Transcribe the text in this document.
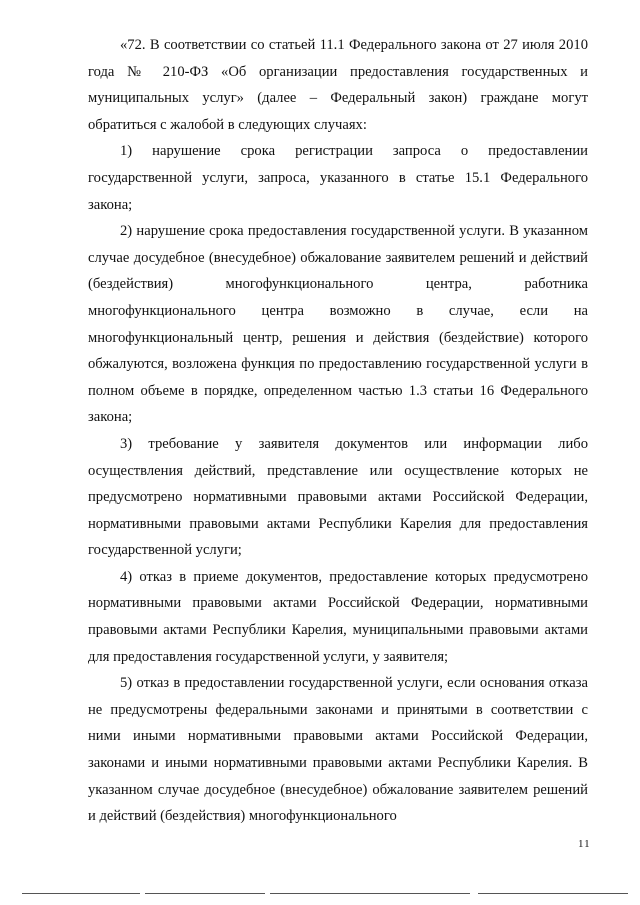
«72. В соответствии со статьей 11.1 Федерального закона от 27 июля 2010 года № 210-ФЗ «Об организации предоставления государственных и муниципальных услуг» (далее – Федеральный закон) граждане могут обратиться с жалобой в следующих случаях:

1) нарушение срока регистрации запроса о предоставлении государственной услуги, запроса, указанного в статье 15.1 Федерального закона;

2) нарушение срока предоставления государственной услуги. В указанном случае досудебное (внесудебное) обжалование заявителем решений и действий (бездействия) многофункционального центра, работника многофункционального центра возможно в случае, если на многофункциональный центр, решения и действия (бездействие) которого обжалуются, возложена функция по предоставлению государственной услуги в полном объеме в порядке, определенном частью 1.3 статьи 16 Федерального закона;

3) требование у заявителя документов или информации либо осуществления действий, представление или осуществление которых не предусмотрено нормативными правовыми актами Российской Федерации, нормативными правовыми актами Республики Карелия для предоставления государственной услуги;

4) отказ в приеме документов, предоставление которых предусмотрено нормативными правовыми актами Российской Федерации, нормативными правовыми актами Республики Карелия, муниципальными правовыми актами для предоставления государственной услуги, у заявителя;

5) отказ в предоставлении государственной услуги, если основания отказа не предусмотрены федеральными законами и принятыми в соответствии с ними иными нормативными правовыми актами Российской Федерации, законами и иными нормативными правовыми актами Республики Карелия. В указанном случае досудебное (внесудебное) обжалование заявителем решений и действий (бездействия) многофункционального

11
